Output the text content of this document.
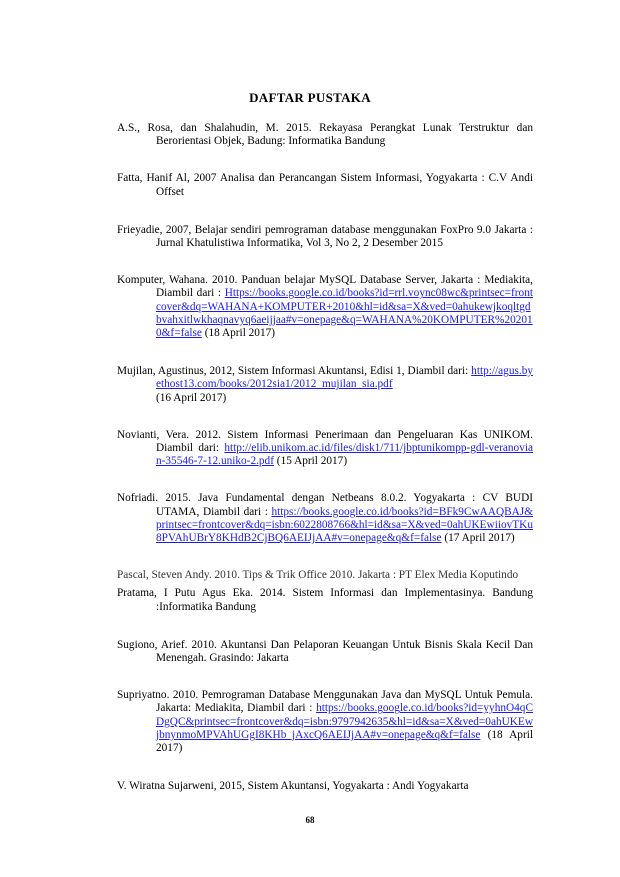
DAFTAR PUSTAKA
A.S., Rosa, dan Shalahudin, M. 2015. Rekayasa Perangkat Lunak Terstruktur dan Berorientasi Objek, Badung: Informatika Bandung
Fatta, Hanif Al, 2007 Analisa dan Perancangan Sistem Informasi, Yogyakarta : C.V Andi Offset
Frieyadie, 2007, Belajar sendiri pemrograman database menggunakan FoxPro 9.0 Jakarta : Jurnal Khatulistiwa Informatika, Vol 3, No 2, 2 Desember 2015
Komputer, Wahana. 2010. Panduan belajar MySQL Database Server, Jakarta : Mediakita, Diambil dari : Https://books.google.co.id/books?id=rrl.voync08wc&printsec=frontcover&dq=WAHANA+KOMPUTER+2010&hl=id&sa=X&ved=0ahukewjkoqltgdbvahxitlwkhaqnavyq6aeijjaa#v=onepage&q=WAHANA%20KOMPUTER%202010&f=false (18 April 2017)
Mujilan, Agustinus, 2012, Sistem Informasi Akuntansi, Edisi 1, Diambil dari: http://agus.byethost13.com/books/2012sia1/2012_mujilan_sia.pdf
(16 April 2017)
Novianti, Vera. 2012. Sistem Informasi Penerimaan dan Pengeluaran Kas UNIKOM. Diambil dari: http://elib.unikom.ac.id/files/disk1/711/jbptunikompp-gdl-veranovian-35546-7-12.uniko-2.pdf (15 April 2017)
Nofriadi. 2015. Java Fundamental dengan Netbeans 8.0.2. Yogyakarta : CV BUDI UTAMA, Diambil dari : https://books.google.co.id/books?id=BFk9CwAAQBAJ&printsec=frontcover&dq=isbn:6022808766&hl=id&sa=X&ved=0ahUKEwiiovTKu8PVAhUBrY8KHdB2CjBQ6AEIJjAA#v=onepage&q&f=false (17 April 2017)
Pascal, Steven Andy. 2010. Tips & Trik Office 2010. Jakarta : PT Elex Media Koputindo
Pratama, I Putu Agus Eka. 2014. Sistem Informasi dan Implementasinya. Bandung :Informatika Bandung
Sugiono, Arief. 2010. Akuntansi Dan Pelaporan Keuangan Untuk Bisnis Skala Kecil Dan Menengah. Grasindo: Jakarta
Supriyatno. 2010. Pemrograman Database Menggunakan Java dan MySQL Untuk Pemula. Jakarta: Mediakita, Diambil dari : https://books.google.co.id/books?id=yyhnO4qCDgQC&printsec=frontcover&dq=isbn:9797942635&hl=id&sa=X&ved=0ahUKEwjbnynmoMPVAhUGgI8KHb_jAxcQ6AEIJjAA#v=onepage&q&f=false (18 April 2017)
V. Wiratna Sujarweni, 2015, Sistem Akuntansi, Yogyakarta : Andi Yogyakarta
68
